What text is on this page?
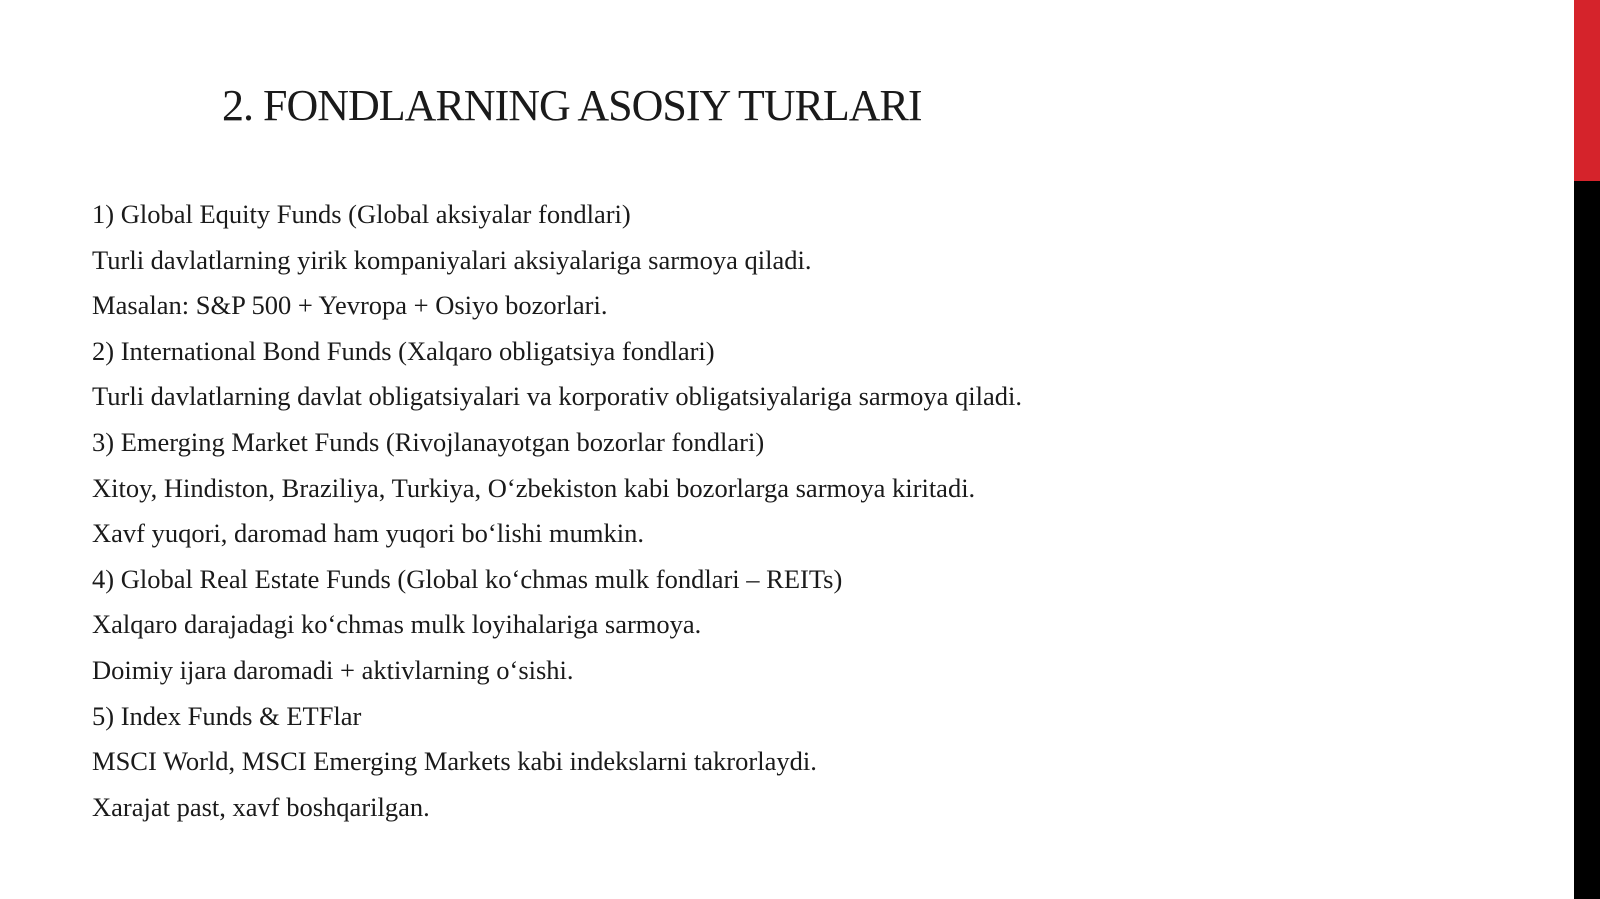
2. FONDLARNING ASOSIY TURLARI
1) Global Equity Funds (Global aksiyalar fondlari)
Turli davlatlarning yirik kompaniyalari aksiyalariga sarmoya qiladi.
Masalan: S&P 500 + Yevropa + Osiyo bozorlari.
2) International Bond Funds (Xalqaro obligatsiya fondlari)
Turli davlatlarning davlat obligatsiyalari va korporativ obligatsiyalariga sarmoya qiladi.
3) Emerging Market Funds (Rivojlanayotgan bozorlar fondlari)
Xitoy, Hindiston, Braziliya, Turkiya, O‘zbekiston kabi bozorlarga sarmoya kiritadi.
Xavf yuqori, daromad ham yuqori bo‘lishi mumkin.
4) Global Real Estate Funds (Global ko‘chmas mulk fondlari – REITs)
Xalqaro darajadagi ko‘chmas mulk loyihalariga sarmoya.
Doimiy ijara daromadi + aktivlarning o‘sishi.
5) Index Funds & ETFlar
MSCI World, MSCI Emerging Markets kabi indekslarni takrorlaydi.
Xarajat past, xavf boshqarilgan.
